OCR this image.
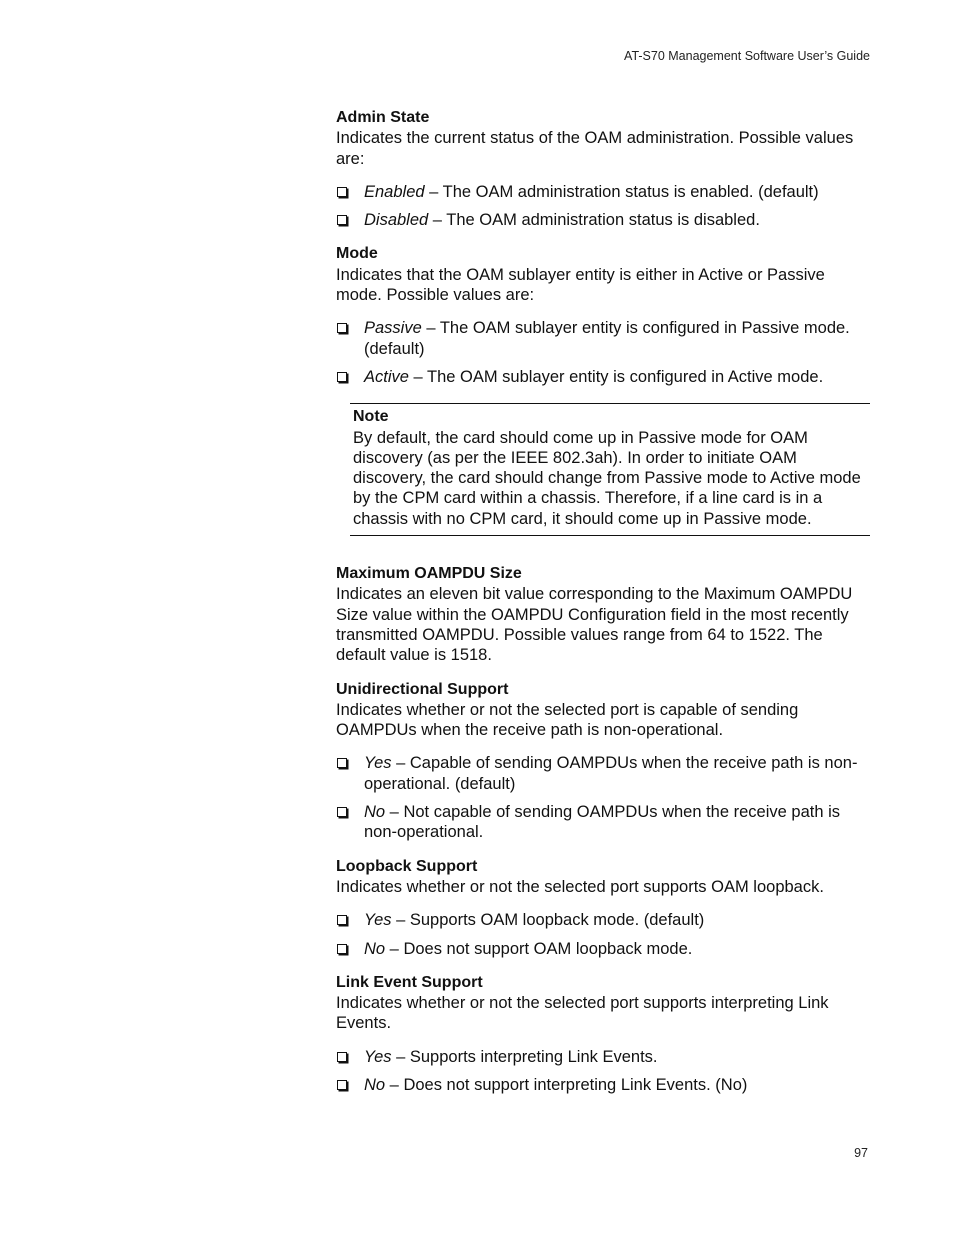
AT-S70 Management Software User’s Guide
Admin State

Indicates the current status of the OAM administration. Possible values are:

Enabled – The OAM administration status is enabled. (default)
Disabled – The OAM administration status is disabled.
Mode

Indicates that the OAM sublayer entity is either in Active or Passive mode. Possible values are:

Passive – The OAM sublayer entity is configured in Passive mode. (default)
Active – The OAM sublayer entity is configured in Active mode.
Note

By default, the card should come up in Passive mode for OAM discovery (as per the IEEE 802.3ah). In order to initiate OAM discovery, the card should change from Passive mode to Active mode by the CPM card within a chassis. Therefore, if a line card is in a chassis with no CPM card, it should come up in Passive mode.

Maximum OAMPDU Size

Indicates an eleven bit value corresponding to the Maximum OAMPDU Size value within the OAMPDU Configuration field in the most recently transmitted OAMPDU. Possible values range from 64 to 1522. The default value is 1518.

Unidirectional Support

Indicates whether or not the selected port is capable of sending OAMPDUs when the receive path is non-operational.

Yes – Capable of sending OAMPDUs when the receive path is non-operational. (default)
No – Not capable of sending OAMPDUs when the receive path is non-operational.
Loopback Support

Indicates whether or not the selected port supports OAM loopback.

Yes – Supports OAM loopback mode. (default)
No – Does not support OAM loopback mode.
Link Event Support

Indicates whether or not the selected port supports interpreting Link Events.

Yes – Supports interpreting Link Events.
No – Does not support interpreting Link Events. (No)
97
